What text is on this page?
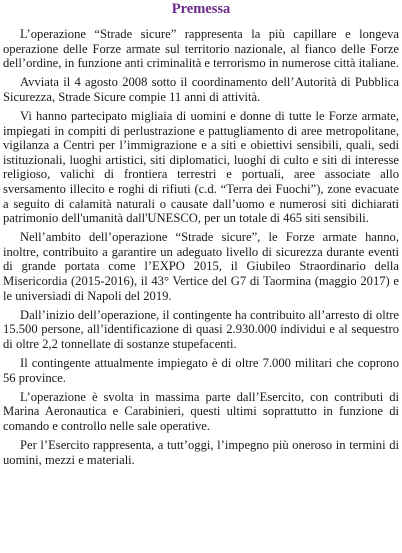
Premessa

L’operazione “Strade sicure” rappresenta la più capillare e longeva operazione delle Forze armate sul territorio nazionale, al fianco delle Forze dell’ordine, in funzione anti criminalità e terrorismo in numerose città italiane.

Avviata il 4 agosto 2008 sotto il coordinamento dell’Autorità di Pubblica Sicurezza, Strade Sicure compie 11 anni di attività.

Vi hanno partecipato migliaia di uomini e donne di tutte le Forze armate, impiegati in compiti di perlustrazione e pattugliamento di aree metropolitane, vigilanza a Centri per l’immigrazione e a siti e obiettivi sensibili, quali, sedi istituzionali, luoghi artistici, siti diplomatici, luoghi di culto e siti di interesse religioso, valichi di frontiera terrestri e portuali, aree associate allo sversamento illecito e roghi di rifiuti (c.d. “Terra dei Fuochi”), zone evacuate a seguito di calamità naturali o causate dall’uomo e numerosi siti dichiarati patrimonio dell'umanità dall'UNESCO, per un totale di 465 siti sensibili.

Nell’ambito dell’operazione “Strade sicure”, le Forze armate hanno, inoltre, contribuito a garantire un adeguato livello di sicurezza durante eventi di grande portata come l’EXPO 2015, il Giubileo Straordinario della Misericordia (2015-2016), il 43° Vertice del G7 di Taormina (maggio 2017) e le universiadi di Napoli del 2019.

Dall’inizio dell’operazione, il contingente ha contribuito all’arresto di oltre 15.500 persone, all’identificazione di quasi 2.930.000 individui e al sequestro di oltre 2,2 tonnellate di sostanze stupefacenti.

Il contingente attualmente impiegato è di oltre 7.000 militari che coprono 56 province.

L’operazione è svolta in massima parte dall’Esercito, con contributi di Marina Aeronautica e Carabinieri, questi ultimi soprattutto in funzione di comando e controllo nelle sale operative.

Per l’Esercito rappresenta, a tutt’oggi, l’impegno più oneroso in termini di uomini, mezzi e materiali.
